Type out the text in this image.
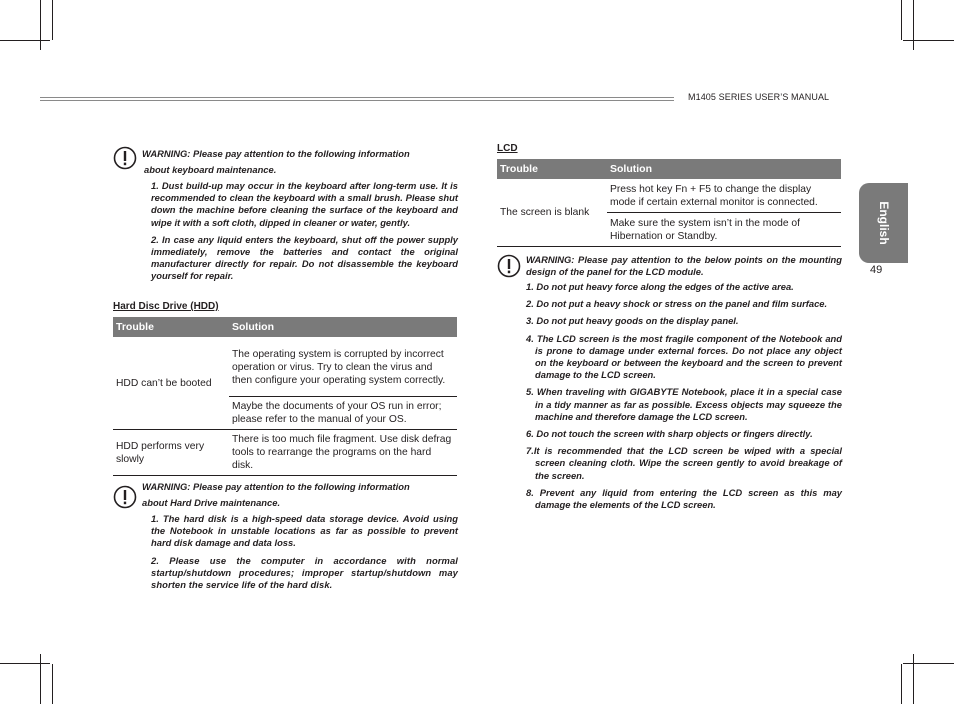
M1405 SERIES USER’S MANUAL
English
49
WARNING: Please pay attention to the following information
about keyboard maintenance.
1. Dust build-up may occur in the keyboard after long-term use. It is recommended to clean the keyboard with a small brush. Please shut down the machine before cleaning the surface of the keyboard and wipe it with a soft cloth, dipped in cleaner or water, gently.
2. In case any liquid enters the keyboard, shut off the power supply immediately, remove the batteries and contact the original manufacturer directly for repair. Do not disassemble the keyboard yourself for repair.
Hard Disc Drive (HDD)
Trouble	Solution
HDD can’t be booted	The operating system is corrupted by incorrect operation or virus. Try to clean the virus and then configure your operating system correctly.
	Maybe the documents of your OS run in error; please refer to the manual of your OS.
HDD performs very slowly	There is too much file fragment. Use disk defrag tools to rearrange the programs on the hard disk.
WARNING: Please pay attention to the following information
about Hard Drive maintenance.
1. The hard disk is a high-speed data storage device. Avoid using the Notebook in unstable locations as far as possible to prevent hard disk damage and data loss.
2. Please use the computer in accordance with normal startup/shutdown procedures; improper startup/shutdown may shorten the service life of the hard disk.
LCD
Trouble	Solution
The screen is blank	Press hot key Fn + F5 to change the display mode if certain external monitor is connected.
	Make sure the system isn’t in the mode of Hibernation or Standby.
WARNING: Please pay attention to the below points on the mounting design of the panel for the LCD module.
1. Do not put heavy force along the edges of the active area.
2. Do not put a heavy shock or stress on the panel and film surface.
3. Do not put heavy goods on the display panel.
4. The LCD screen is the most fragile component of the Notebook and is prone to damage under external forces. Do not place any object on the keyboard or between the keyboard and the screen to prevent damage to the LCD screen.
5. When traveling with GIGABYTE Notebook, place it in a special case in a tidy manner as far as possible. Excess objects may squeeze the machine and therefore damage the LCD screen.
6. Do not touch the screen with sharp objects or fingers directly.
7.It is recommended that the LCD screen be wiped with a special screen cleaning cloth. Wipe the screen gently to avoid breakage of the screen.
8. Prevent any liquid from entering the LCD screen as this may damage the elements of the LCD screen.
